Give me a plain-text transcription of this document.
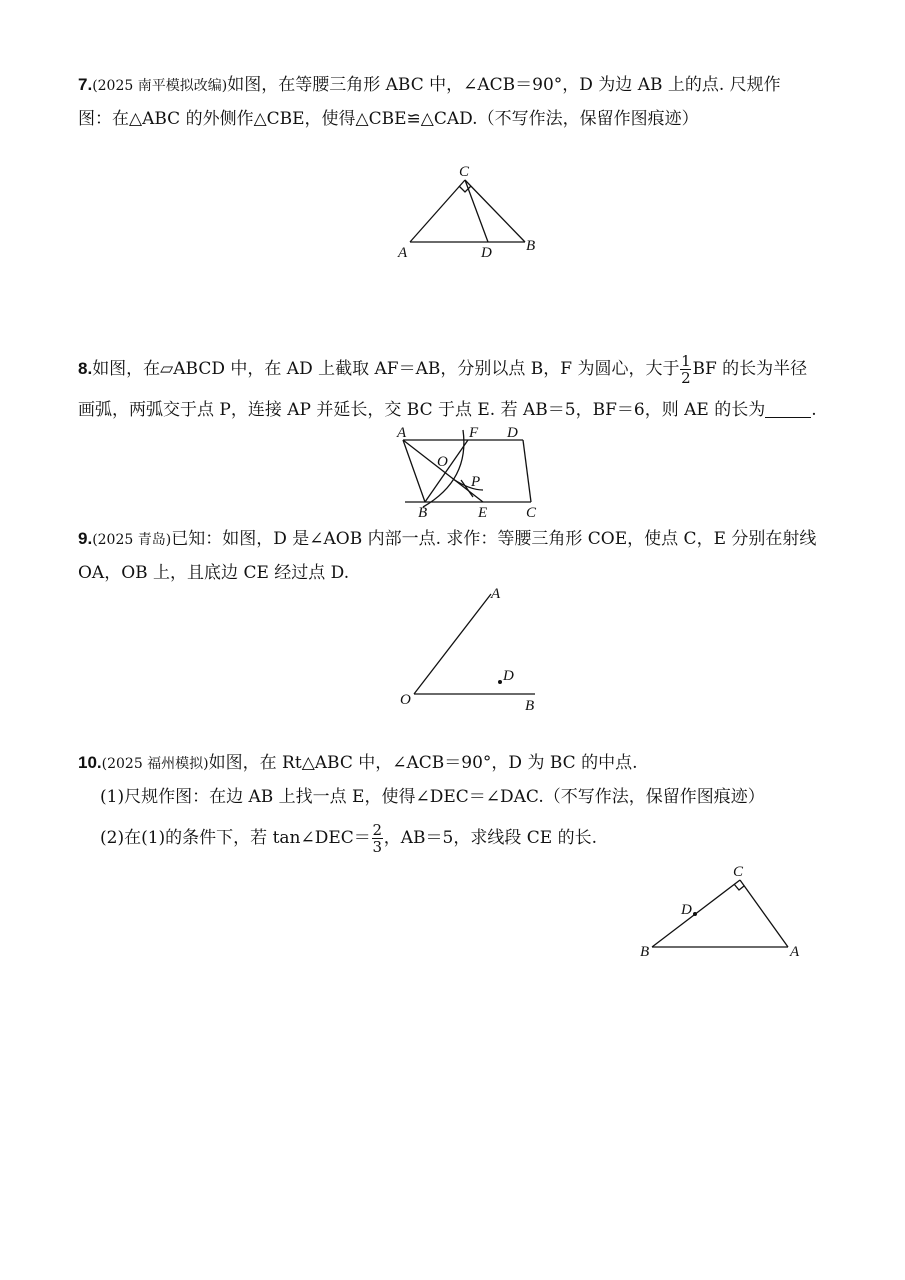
7.(2025 南平模拟改编)如图，在等腰三角形 ABC 中，∠ACB＝90°，D 为边 AB 上的点. 尺规作
图：在△ABC 的外侧作△CBE，使得△CBE≌△CAD.（不写作法，保留作图痕迹）
C
A	D B
8.如图，在▱ABCD 中，在 AD 上截取 AF＝AB，分别以点 B，F 为圆心，大于 $\frac{1}{2}$ BF 的长为半径
画弧，两弧交于点 P，连接 AP 并延长，交 BC 于点 E. 若 AB＝5，BF＝6，则 AE 的长为	.
A	F D
O
P
B	E	C
9.(2025 青岛)已知：如图，D 是∠AOB 内部一点. 求作：等腰三角形 COE，使点 C，E 分别在射线
OA，OB 上，且底边 CE 经过点 D.
A
O
D
B
10.(2025 福州模拟)如图，在 Rt△ABC 中，∠ACB＝90°，D 为 BC 的中点.
(1)尺规作图：在边 AB 上找一点 E，使得∠DEC＝∠DAC.（不写作法，保留作图痕迹）
(2)在(1)的条件下，若 tan∠DEC＝ $\frac{2}{3}$ ，AB＝5，求线段 CE 的长.
C
D
B	A
